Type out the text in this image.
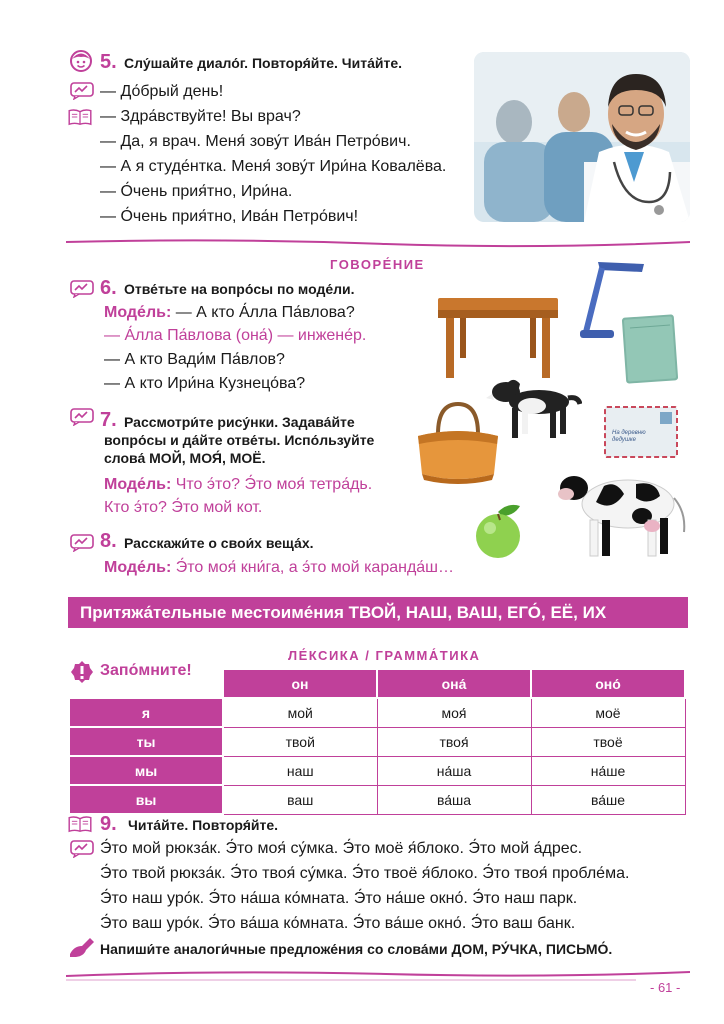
5. Слу́шайте диало́г. Повторя́йте. Чита́йте.
— До́брый день!
— Здра́вствуйте! Вы врач?
— Да, я врач. Меня́ зову́т Ива́н Петро́вич.
— А я студе́нтка. Меня́ зову́т Ири́на Ковалёва.
— О́чень прия́тно, Ири́на.
— О́чень прия́тно, Ива́н Петро́вич!
ГОВОРЕ́НИЕ
6. Отве́тьте на вопро́сы по моде́ли.
Моде́ль: — А кто А́лла Па́влова?
— А́лла Па́влова (она́) — инжене́р.
— А кто Вади́м Па́влов?
— А кто Ири́на Кузнецо́ва?
7. Рассмотри́те рису́нки. Задава́йте
вопро́сы и да́йте отве́ты. Испо́льзуйте
слова́ МОЙ, МОЯ́, МОЁ.
Моде́ль: Что э́то? Э́то моя́ тетра́дь.
Кто э́то? Э́то мой кот.
8. Расскажи́те о свои́х веща́х.
Моде́ль: Э́то моя́ кни́га, а э́то мой каранда́ш…
На деревню дедушке
Притяжа́тельные местоиме́ния ТВОЙ, НАШ, ВАШ, ЕГО́, ЕЁ, ИХ
ЛЕ́КСИКА / ГРАММА́ТИКА
Запо́мните!
	он	она́	оно́
я	мой	моя́	моё
ты	твой	твоя́	твоё
мы	наш	на́ша	на́ше
вы	ваш	ва́ша	ва́ше
9. Чита́йте. Повторя́йте.
Э́то мой рюкза́к. Э́то моя́ су́мка. Э́то моё я́блоко. Э́то мой а́дрес.
Э́то твой рюкза́к. Э́то твоя́ су́мка. Э́то твоё я́блоко. Э́то твоя́ пробле́ма.
Э́то наш уро́к. Э́то на́ша ко́мната. Э́то на́ше окно́. Э́то наш парк.
Э́то ваш уро́к. Э́то ва́ша ко́мната. Э́то ва́ше окно́. Э́то ваш банк.
Напиши́те аналоги́чные предложе́ния со слова́ми ДОМ, РУ́ЧКА, ПИСЬМО́.
- 61 -
